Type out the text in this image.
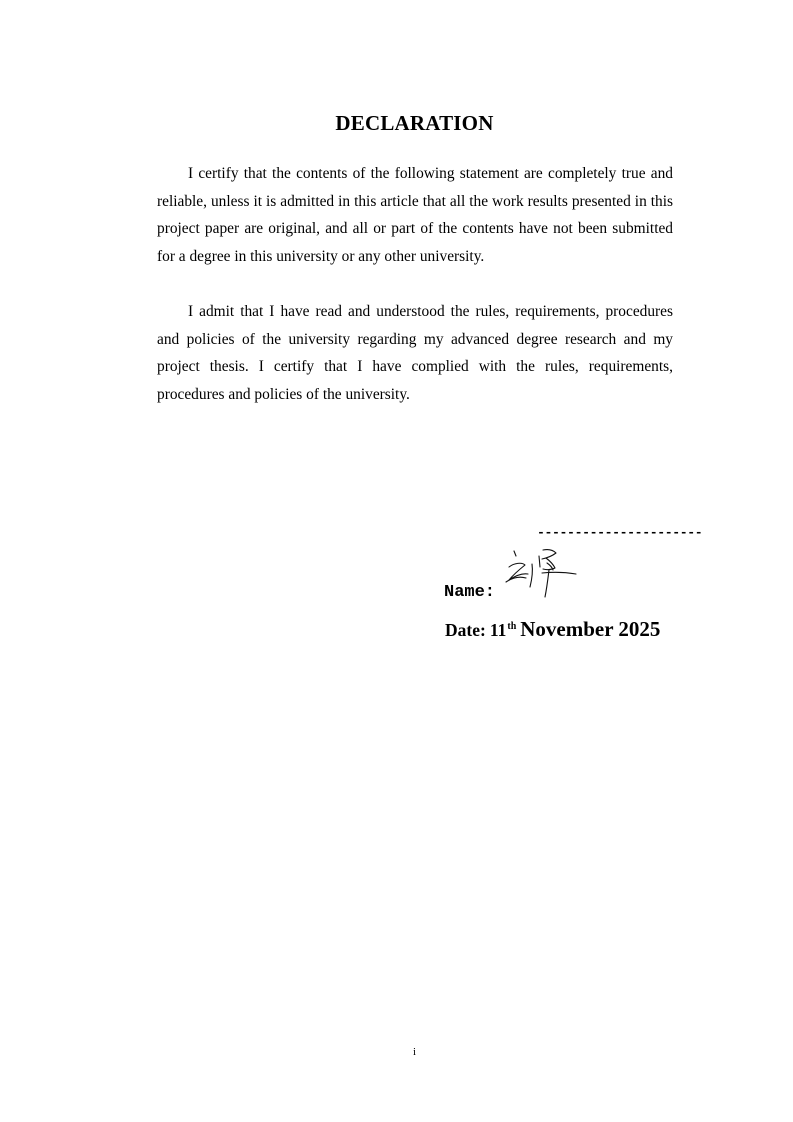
DECLARATION

I certify that the contents of the following statement are completely true and reliable, unless it is admitted in this article that all the work results presented in this project paper are original, and all or part of the contents have not been submitted for a degree in this university or any other university.

I admit that I have read and understood the rules, requirements, procedures and policies of the university regarding my advanced degree research and my project thesis. I certify that I have complied with the rules, requirements, procedures and policies of the university.

----------------------
Name:
Date: 11th November 2025
i
